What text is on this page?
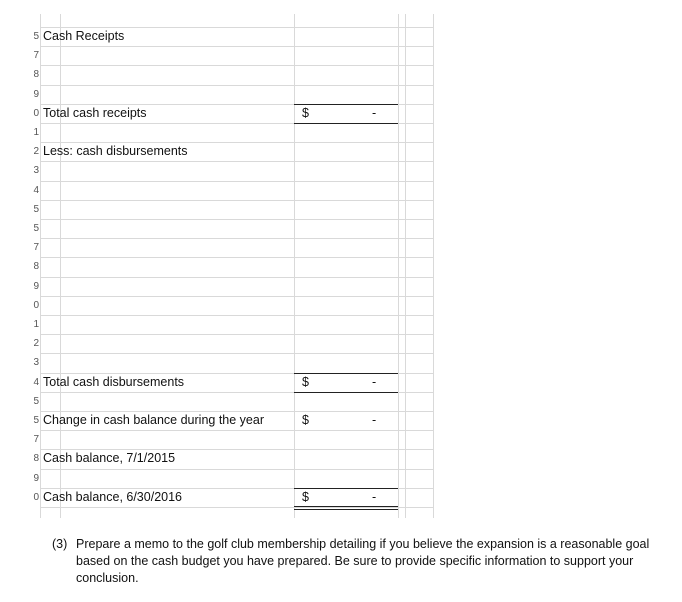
5 Cash Receipts
7
8
9
0 Total cash receipts	$	-
1
2 Less: cash disbursements
3
4
5
5
7
8
9
0
1
2
3
4 Total cash disbursements	$	-
5
5 Change in cash balance during the year	$	-
7
8 Cash balance, 7/1/2015
9
0 Cash balance, 6/30/2016	$	-
(3) Prepare a memo to the golf club membership detailing if you believe the expansion is a reasonable goal based on the cash budget you have prepared. Be sure to provide specific information to support your conclusion.
